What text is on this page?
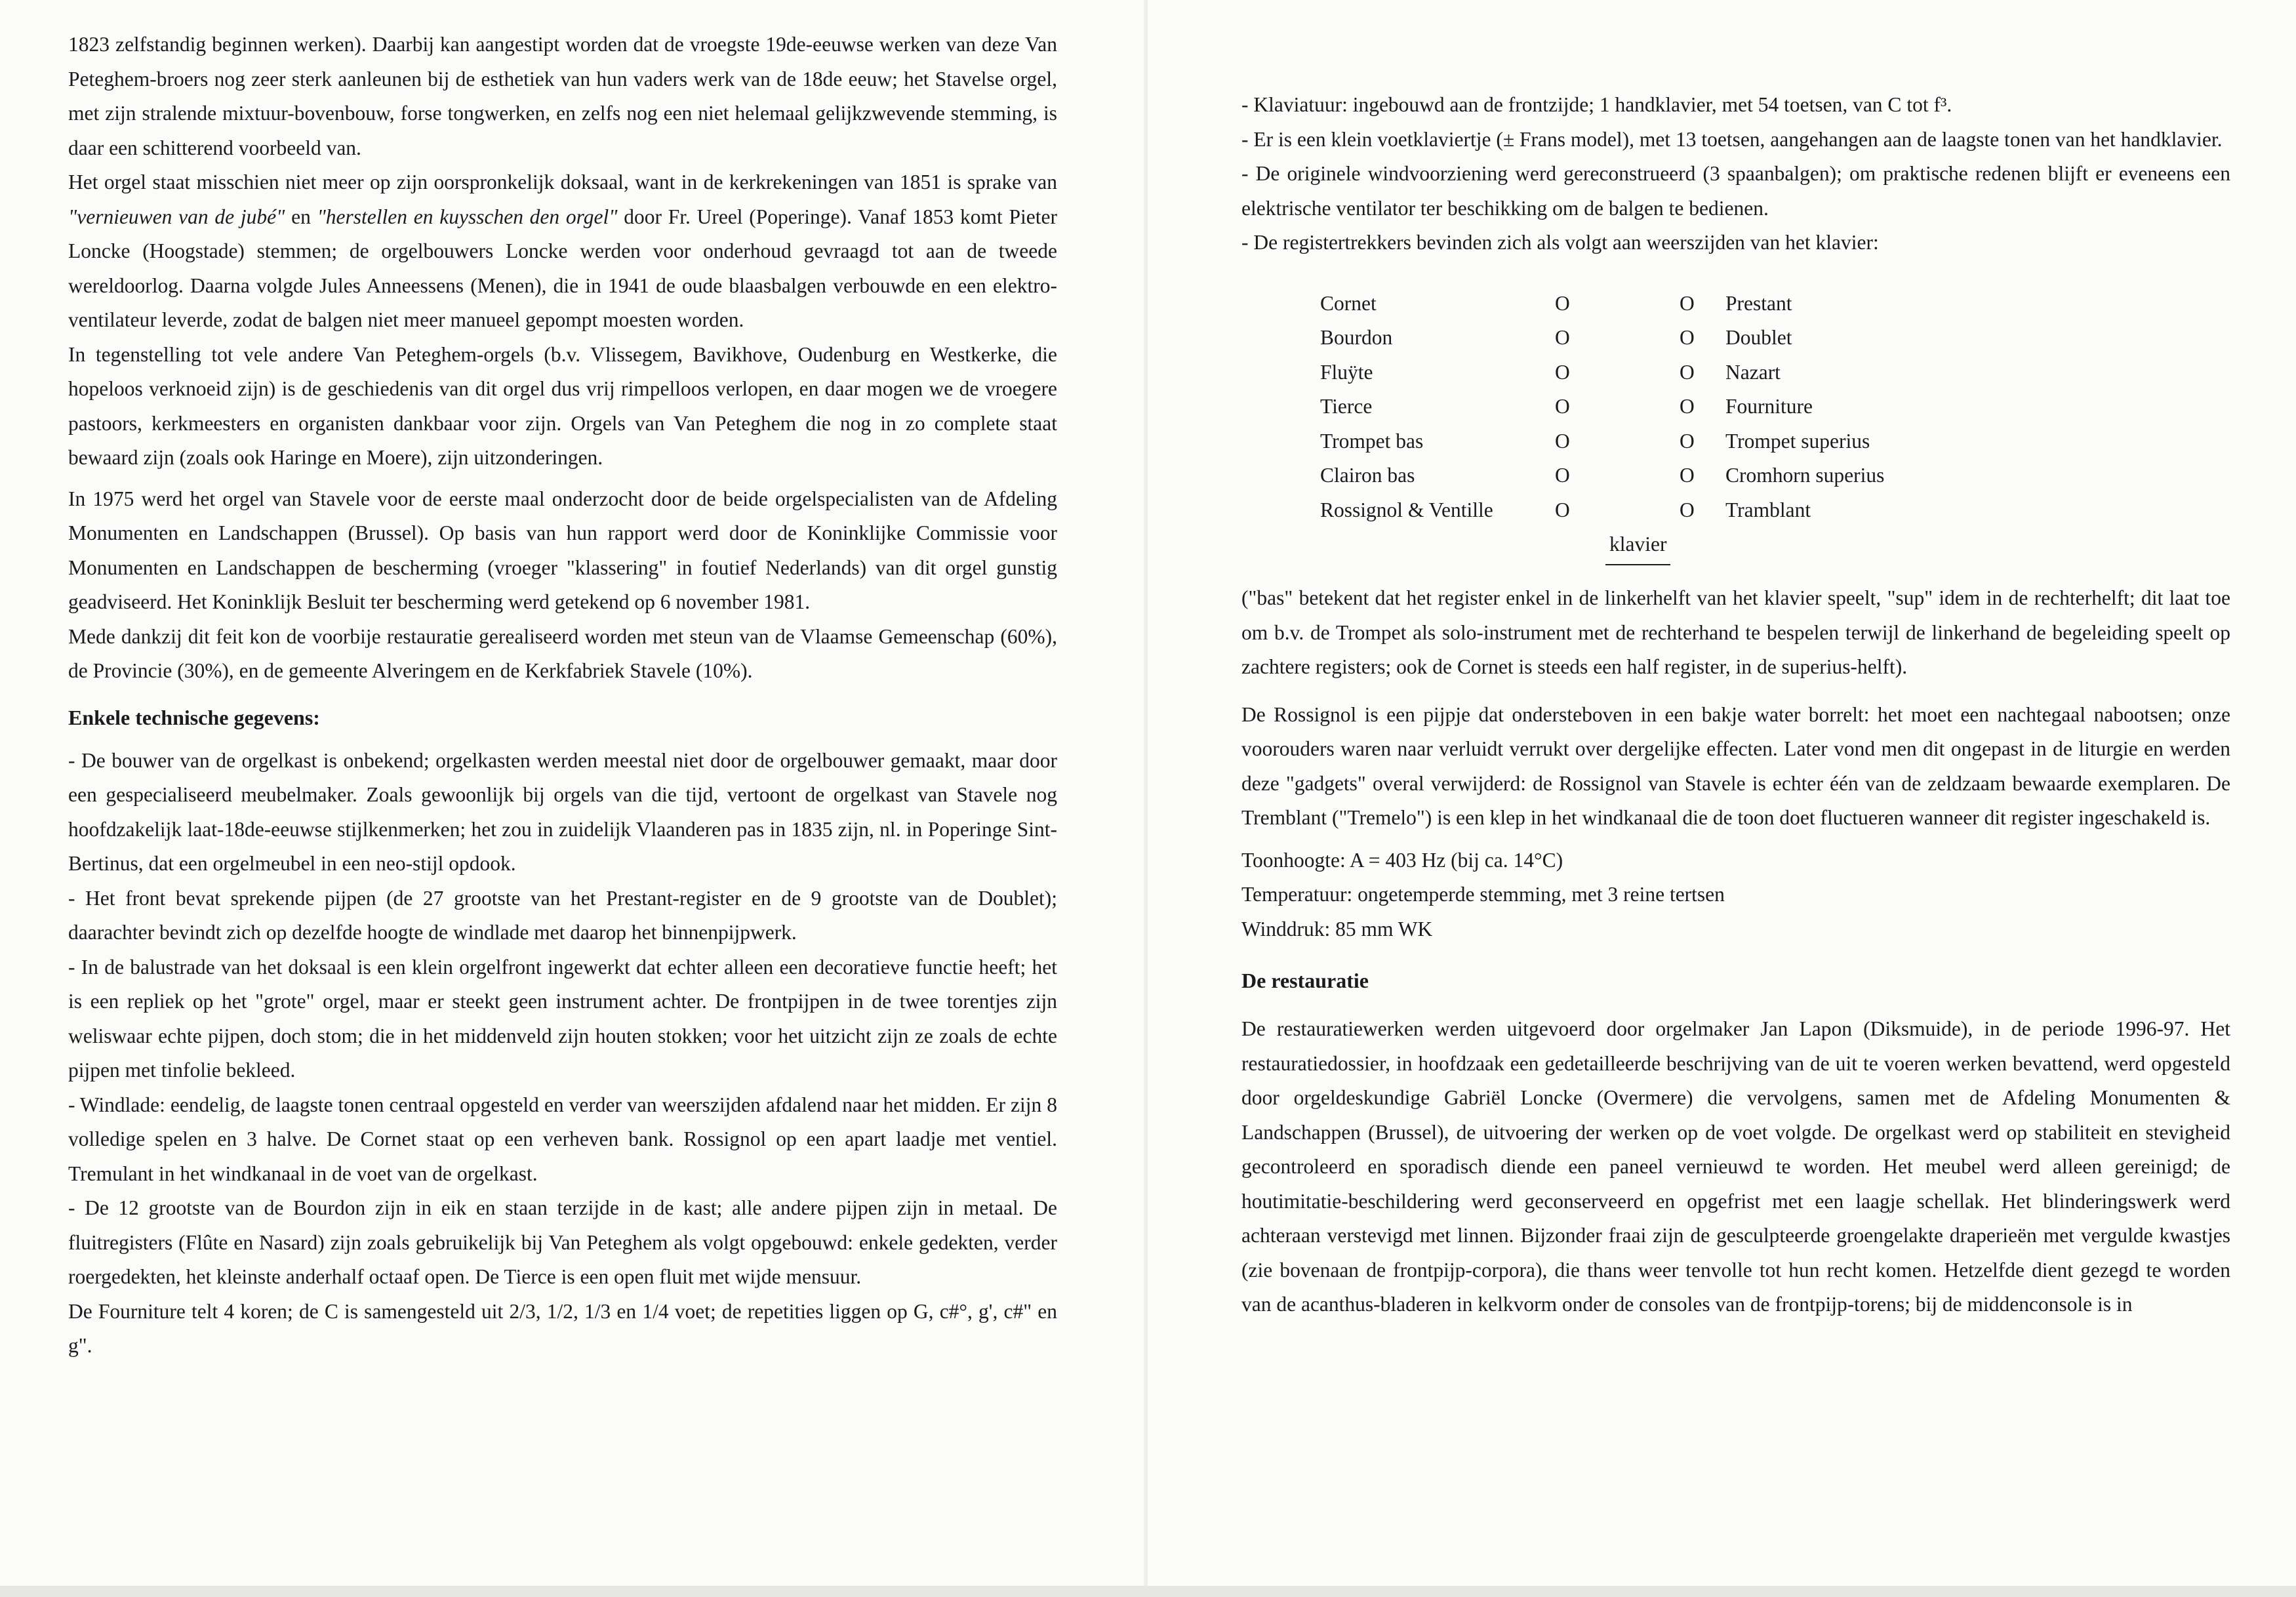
1823 zelfstandig beginnen werken). Daarbij kan aangestipt worden dat de vroegste 19de-eeuwse werken van deze Van Peteghem-broers nog zeer sterk aanleunen bij de esthetiek van hun vaders werk van de 18de eeuw; het Stavelse orgel, met zijn stralende mixtuur-bovenbouw, forse tongwerken, en zelfs nog een niet helemaal gelijkzwevende stemming, is daar een schitterend voorbeeld van.

Het orgel staat misschien niet meer op zijn oorspronkelijk doksaal, want in de kerkrekeningen van 1851 is sprake van "vernieuwen van de jubé" en "herstellen en kuysschen den orgel" door Fr. Ureel (Poperinge). Vanaf 1853 komt Pieter Loncke (Hoogstade) stemmen; de orgelbouwers Loncke werden voor onderhoud gevraagd tot aan de tweede wereldoorlog. Daarna volgde Jules Anneessens (Menen), die in 1941 de oude blaasbalgen verbouwde en een elektro-ventilateur leverde, zodat de balgen niet meer manueel gepompt moesten worden.

In tegenstelling tot vele andere Van Peteghem-orgels (b.v. Vlissegem, Bavikhove, Oudenburg en Westkerke, die hopeloos verknoeid zijn) is de geschiedenis van dit orgel dus vrij rimpelloos verlopen, en daar mogen we de vroegere pastoors, kerkmeesters en organisten dankbaar voor zijn. Orgels van Van Peteghem die nog in zo complete staat bewaard zijn (zoals ook Haringe en Moere), zijn uitzonderingen.

In 1975 werd het orgel van Stavele voor de eerste maal onderzocht door de beide orgelspecialisten van de Afdeling Monumenten en Landschappen (Brussel). Op basis van hun rapport werd door de Koninklijke Commissie voor Monumenten en Landschappen de bescherming (vroeger "klassering" in foutief Nederlands) van dit orgel gunstig geadviseerd. Het Koninklijk Besluit ter bescherming werd getekend op 6 november 1981.

Mede dankzij dit feit kon de voorbije restauratie gerealiseerd worden met steun van de Vlaamse Gemeenschap (60%), de Provincie (30%), en de gemeente Alveringem en de Kerkfabriek Stavele (10%).

Enkele technische gegevens:

- De bouwer van de orgelkast is onbekend; orgelkasten werden meestal niet door de orgelbouwer gemaakt, maar door een gespecialiseerd meubelmaker. Zoals gewoonlijk bij orgels van die tijd, vertoont de orgelkast van Stavele nog hoofdzakelijk laat-18de-eeuwse stijlkenmerken; het zou in zuidelijk Vlaanderen pas in 1835 zijn, nl. in Poperinge Sint-Bertinus, dat een orgelmeubel in een neo-stijl opdook.

- Het front bevat sprekende pijpen (de 27 grootste van het Prestant-register en de 9 grootste van de Doublet); daarachter bevindt zich op dezelfde hoogte de windlade met daarop het binnenpijpwerk.

- In de balustrade van het doksaal is een klein orgelfront ingewerkt dat echter alleen een decoratieve functie heeft; het is een repliek op het "grote" orgel, maar er steekt geen instrument achter. De frontpijpen in de twee torentjes zijn weliswaar echte pijpen, doch stom; die in het middenveld zijn houten stokken; voor het uitzicht zijn ze zoals de echte pijpen met tinfolie bekleed.

- Windlade: eendelig, de laagste tonen centraal opgesteld en verder van weerszijden afdalend naar het midden. Er zijn 8 volledige spelen en 3 halve. De Cornet staat op een verheven bank. Rossignol op een apart laadje met ventiel. Tremulant in het windkanaal in de voet van de orgelkast.

- De 12 grootste van de Bourdon zijn in eik en staan terzijde in de kast; alle andere pijpen zijn in metaal. De fluitregisters (Flûte en Nasard) zijn zoals gebruikelijk bij Van Peteghem als volgt opgebouwd: enkele gedekten, verder roergedekten, het kleinste anderhalf octaaf open. De Tierce is een open fluit met wijde mensuur.

De Fourniture telt 4 koren; de C is samengesteld uit 2/3, 1/2, 1/3 en 1/4 voet; de repetities liggen op G, c#°, g', c#" en g".

- Klaviatuur: ingebouwd aan de frontzijde; 1 handklavier, met 54 toetsen, van C tot f³.

- Er is een klein voetklaviertje (± Frans model), met 13 toetsen, aangehangen aan de laagste tonen van het handklavier.

- De originele windvoorziening werd gereconstrueerd (3 spaanbalgen); om praktische redenen blijft er eveneens een elektrische ventilator ter beschikking om de balgen te bedienen.

- De registertrekkers bevinden zich als volgt aan weerszijden van het klavier:

Cornet	O	O	Prestant
Bourdon	O	O	Doublet
Fluÿte	O	O	Nazart
Tierce	O	O	Fourniture
Trompet bas	O	O	Trompet superius
Clairon bas	O	O	Cromhorn superius
Rossignol & Ventille	O	O	Tramblant
klavier

("bas" betekent dat het register enkel in de linkerhelft van het klavier speelt, "sup" idem in de rechterhelft; dit laat toe om b.v. de Trompet als solo-instrument met de rechterhand te bespelen terwijl de linkerhand de begeleiding speelt op zachtere registers; ook de Cornet is steeds een half register, in de superius-helft).

De Rossignol is een pijpje dat ondersteboven in een bakje water borrelt: het moet een nachtegaal nabootsen; onze voorouders waren naar verluidt verrukt over dergelijke effecten. Later vond men dit ongepast in de liturgie en werden deze "gadgets" overal verwijderd: de Rossignol van Stavele is echter één van de zeldzaam bewaarde exemplaren. De Tremblant ("Tremelo") is een klep in het windkanaal die de toon doet fluctueren wanneer dit register ingeschakeld is.

Toonhoogte: A = 403 Hz (bij ca. 14°C)

Temperatuur: ongetemperde stemming, met 3 reine tertsen

Winddruk: 85 mm WK

De restauratie

De restauratiewerken werden uitgevoerd door orgelmaker Jan Lapon (Diksmuide), in de periode 1996-97. Het restauratiedossier, in hoofdzaak een gedetailleerde beschrijving van de uit te voeren werken bevattend, werd opgesteld door orgeldeskundige Gabriël Loncke (Overmere) die vervolgens, samen met de Afdeling Monumenten & Landschappen (Brussel), de uitvoering der werken op de voet volgde. De orgelkast werd op stabiliteit en stevigheid gecontroleerd en sporadisch diende een paneel vernieuwd te worden. Het meubel werd alleen gereinigd; de houtimitatie-beschildering werd geconserveerd en opgefrist met een laagje schellak. Het blinderingswerk werd achteraan verstevigd met linnen. Bijzonder fraai zijn de gesculpteerde groengelakte draperieën met vergulde kwastjes (zie bovenaan de frontpijp-corpora), die thans weer tenvolle tot hun recht komen. Hetzelfde dient gezegd te worden van de acanthus-bladeren in kelkvorm onder de consoles van de frontpijp-torens; bij de middenconsole is in
